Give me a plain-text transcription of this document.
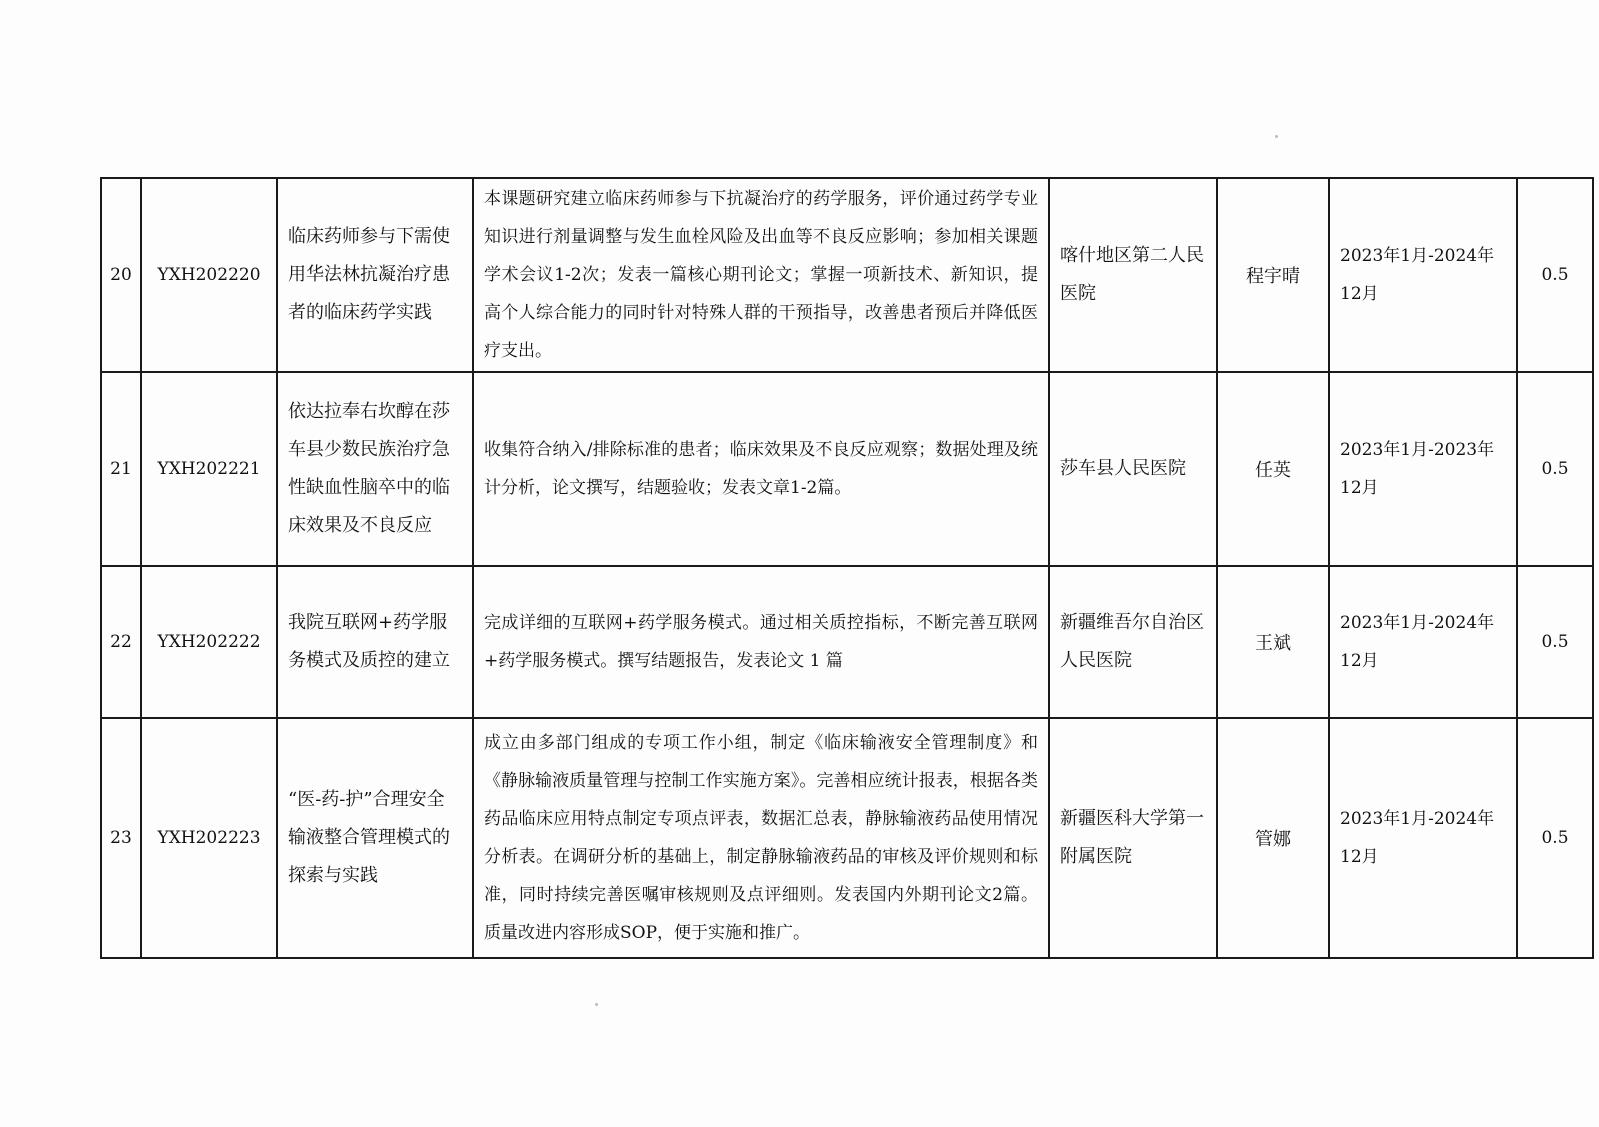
20	YXH202220	临床药师参与下需使用华法林抗凝治疗患者的临床药学实践	本课题研究建立临床药师参与下抗凝治疗的药学服务，评价通过药学专业知识进行剂量调整与发生血栓风险及出血等不良反应影响；参加相关课题学术会议1-2次；发表一篇核心期刊论文；掌握一项新技术、新知识，提高个人综合能力的同时针对特殊人群的干预指导，改善患者预后并降低医疗支出。	喀什地区第二人民医院	程宇晴	2023年1月-2024年12月	0.5
21	YXH202221	依达拉奉右坎醇在莎车县少数民族治疗急性缺血性脑卒中的临床效果及不良反应	收集符合纳入/排除标准的患者；临床效果及不良反应观察；数据处理及统计分析，论文撰写，结题验收；发表文章1-2篇。	莎车县人民医院	任英	2023年1月-2023年12月	0.5
22	YXH202222	我院互联网+药学服务模式及质控的建立	完成详细的互联网+药学服务模式。通过相关质控指标，不断完善互联网+药学服务模式。撰写结题报告，发表论文 1 篇	新疆维吾尔自治区人民医院	王斌	2023年1月-2024年12月	0.5
23	YXH202223	“医-药-护”合理安全输液整合管理模式的探索与实践	成立由多部门组成的专项工作小组，制定《临床输液安全管理制度》和《静脉输液质量管理与控制工作实施方案》。完善相应统计报表，根据各类药品临床应用特点制定专项点评表，数据汇总表，静脉输液药品使用情况分析表。在调研分析的基础上，制定静脉输液药品的审核及评价规则和标准，同时持续完善医嘱审核规则及点评细则。发表国内外期刊论文2篇。质量改进内容形成SOP，便于实施和推广。	新疆医科大学第一附属医院	管娜	2023年1月-2024年12月	0.5
